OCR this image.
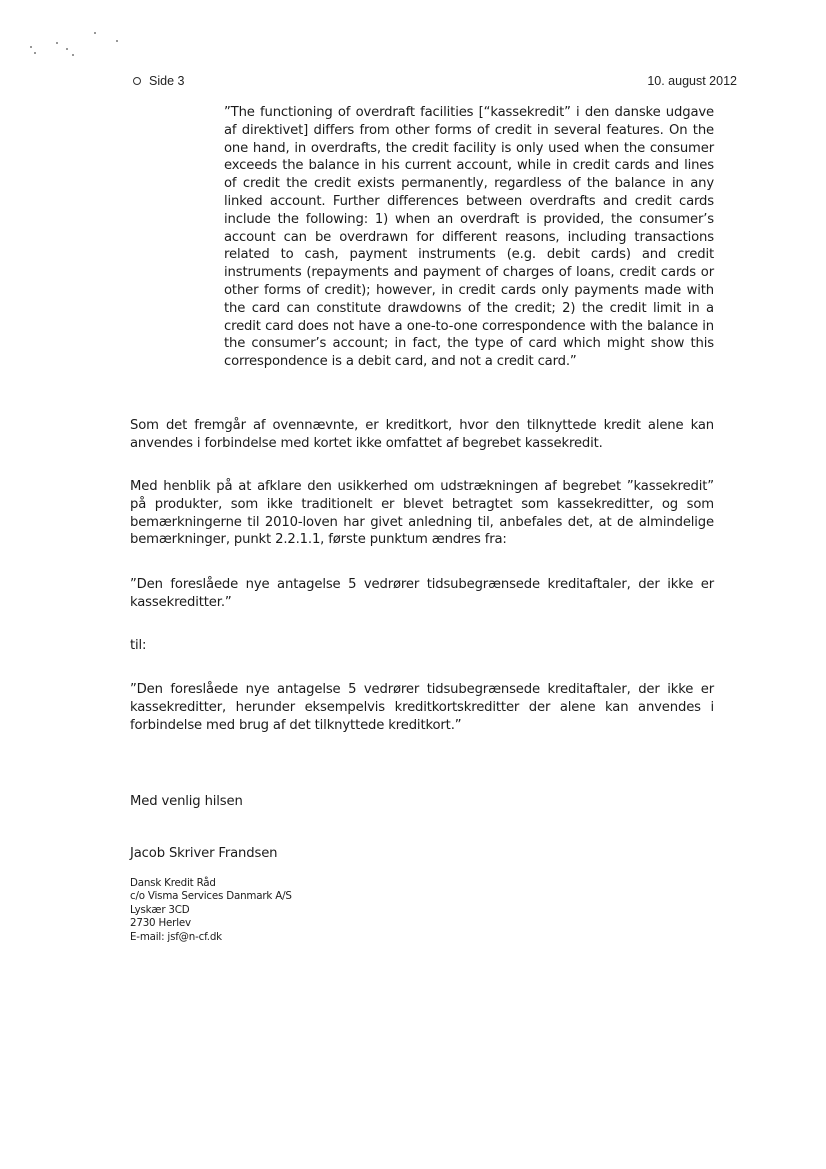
Side 3	10. august 2012

”The functioning of overdraft facilities [“kassekredit” i den danske udgave af direktivet] differs from other forms of credit in several features. On the one hand, in overdrafts, the credit facility is only used when the consumer exceeds the balance in his current account, while in credit cards and lines of credit the credit exists permanently, regardless of the balance in any linked account. Further differences between overdrafts and credit cards include the following: 1) when an overdraft is provided, the consumer’s account can be overdrawn for different reasons, including transactions related to cash, payment instruments (e.g. debit cards) and credit instruments (repayments and payment of charges of loans, credit cards or other forms of credit); however, in credit cards only payments made with the card can constitute drawdowns of the credit; 2) the credit limit in a credit card does not have a one-to-one correspondence with the balance in the consumer’s account; in fact, the type of card which might show this correspondence is a debit card, and not a credit card.”

Som det fremgår af ovennævnte, er kreditkort, hvor den tilknyttede kredit alene kan anvendes i forbindelse med kortet ikke omfattet af begrebet kassekredit.

Med henblik på at afklare den usikkerhed om udstrækningen af begrebet ”kassekredit” på produkter, som ikke traditionelt er blevet betragtet som kassekreditter, og som bemærkningerne til 2010-loven har givet anledning til, anbefales det, at de almindelige bemærkninger, punkt 2.2.1.1, første punktum ændres fra:

”Den foreslåede nye antagelse 5 vedrører tidsubegrænsede kreditaftaler, der ikke er kassekreditter.”

til:

”Den foreslåede nye antagelse 5 vedrører tidsubegrænsede kreditaftaler, der ikke er kassekreditter, herunder eksempelvis kreditkortskreditter der alene kan anvendes i forbindelse med brug af det tilknyttede kreditkort.”

Med venlig hilsen

Jacob Skriver Frandsen

Dansk Kredit Råd
c/o Visma Services Danmark A/S
Lyskær 3CD
2730 Herlev
E-mail: jsf@n-cf.dk
